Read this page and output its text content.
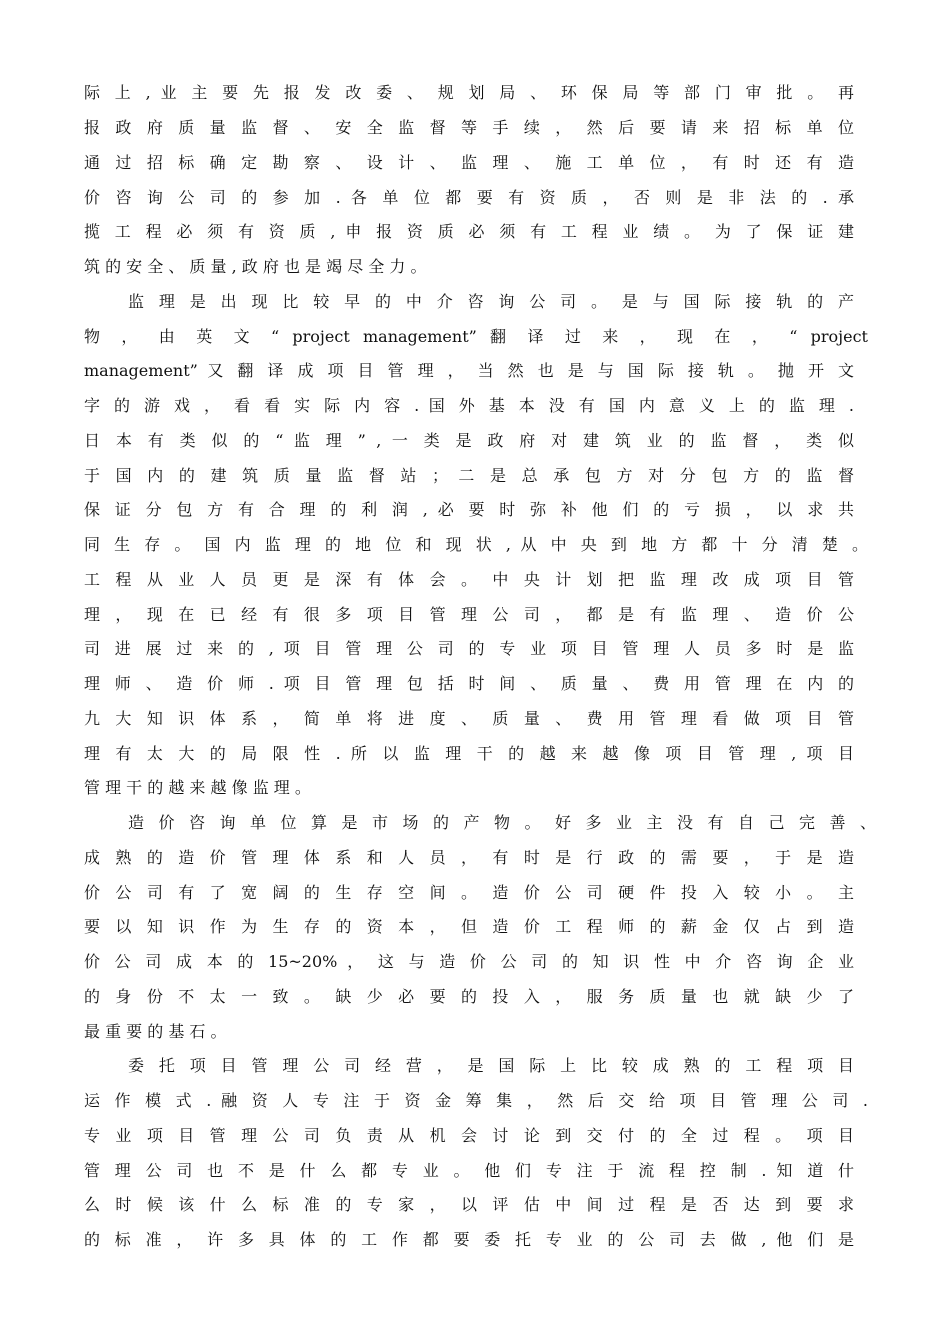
际 上 , 业 主 要 先 报 发 改 委 、 规 划 局 、 环 保 局 等 部 门 审 批 。 再
报 政 府 质 量 监 督 、 安 全 监 督 等 手 续 ， 然 后 要 请 来 招 标 单 位
通 过 招 标 确 定 勘 察 、 设 计 、 监 理 、 施 工 单 位 ， 有 时 还 有 造
价 咨 询 公 司 的 参 加 . 各 单 位 都 要 有 资 质 ， 否 则 是 非 法 的 . 承
揽 工 程 必 须 有 资 质 , 申 报 资 质 必 须 有 工 程 业 绩 。 为 了 保 证 建
筑 的 安 全 、 质 量 , 政 府 也 是 竭 尽 全 力 。
监 理 是 出 现 比 较 早 的 中 介 咨 询 公 司 。 是 与 国 际 接 轨 的 产
物 ， 由 英 文 “ project management” 翻 译 过 来 ， 现 在 ， “ project
management” 又 翻 译 成 项 目 管 理 ， 当 然 也 是 与 国 际 接 轨 。 抛 开 文
字 的 游 戏 ， 看 看 实 际 内 容 . 国 外 基 本 没 有 国 内 意 义 上 的 监 理 .
日 本 有 类 似 的 “ 监 理 ” , 一 类 是 政 府 对 建 筑 业 的 监 督 ， 类 似
于 国 内 的 建 筑 质 量 监 督 站 ； 二 是 总 承 包 方 对 分 包 方 的 监 督
保 证 分 包 方 有 合 理 的 利 润 , 必 要 时 弥 补 他 们 的 亏 损 ， 以 求 共
同 生 存 。 国 内 监 理 的 地 位 和 现 状 , 从 中 央 到 地 方 都 十 分 清 楚 。
工 程 从 业 人 员 更 是 深 有 体 会 。 中 央 计 划 把 监 理 改 成 项 目 管
理 ， 现 在 已 经 有 很 多 项 目 管 理 公 司 ， 都 是 有 监 理 、 造 价 公
司 进 展 过 来 的 , 项 目 管 理 公 司 的 专 业 项 目 管 理 人 员 多 时 是 监
理 师 、 造 价 师 . 项 目 管 理 包 括 时 间 、 质 量 、 费 用 管 理 在 内 的
九 大 知 识 体 系 ， 简 单 将 进 度 、 质 量 、 费 用 管 理 看 做 项 目 管
理 有 太 大 的 局 限 性 . 所 以 监 理 干 的 越 来 越 像 项 目 管 理 , 项 目
管 理 干 的 越 来 越 像 监 理 。
造 价 咨 询 单 位 算 是 市 场 的 产 物 。 好 多 业 主 没 有 自 己 完 善 、
成 熟 的 造 价 管 理 体 系 和 人 员 ， 有 时 是 行 政 的 需 要 ， 于 是 造
价 公 司 有 了 宽 阔 的 生 存 空 间 。 造 价 公 司 硬 件 投 入 较 小 。 主
要 以 知 识 作 为 生 存 的 资 本 ， 但 造 价 工 程 师 的 薪 金 仅 占 到 造
价 公 司 成 本 的 15~20% ， 这 与 造 价 公 司 的 知 识 性 中 介 咨 询 企 业
的 身 份 不 太 一 致 。 缺 少 必 要 的 投 入 ， 服 务 质 量 也 就 缺 少 了
最 重 要 的 基 石 。
委 托 项 目 管 理 公 司 经 营 ， 是 国 际 上 比 较 成 熟 的 工 程 项 目
运 作 模 式 . 融 资 人 专 注 于 资 金 筹 集 ， 然 后 交 给 项 目 管 理 公 司 .
专 业 项 目 管 理 公 司 负 责 从 机 会 讨 论 到 交 付 的 全 过 程 。 项 目
管 理 公 司 也 不 是 什 么 都 专 业 。 他 们 专 注 于 流 程 控 制 . 知 道 什
么 时 候 该 什 么 标 准 的 专 家 ， 以 评 估 中 间 过 程 是 否 达 到 要 求
的 标 准 ， 许 多 具 体 的 工 作 都 要 委 托 专 业 的 公 司 去 做 , 他 们 是
